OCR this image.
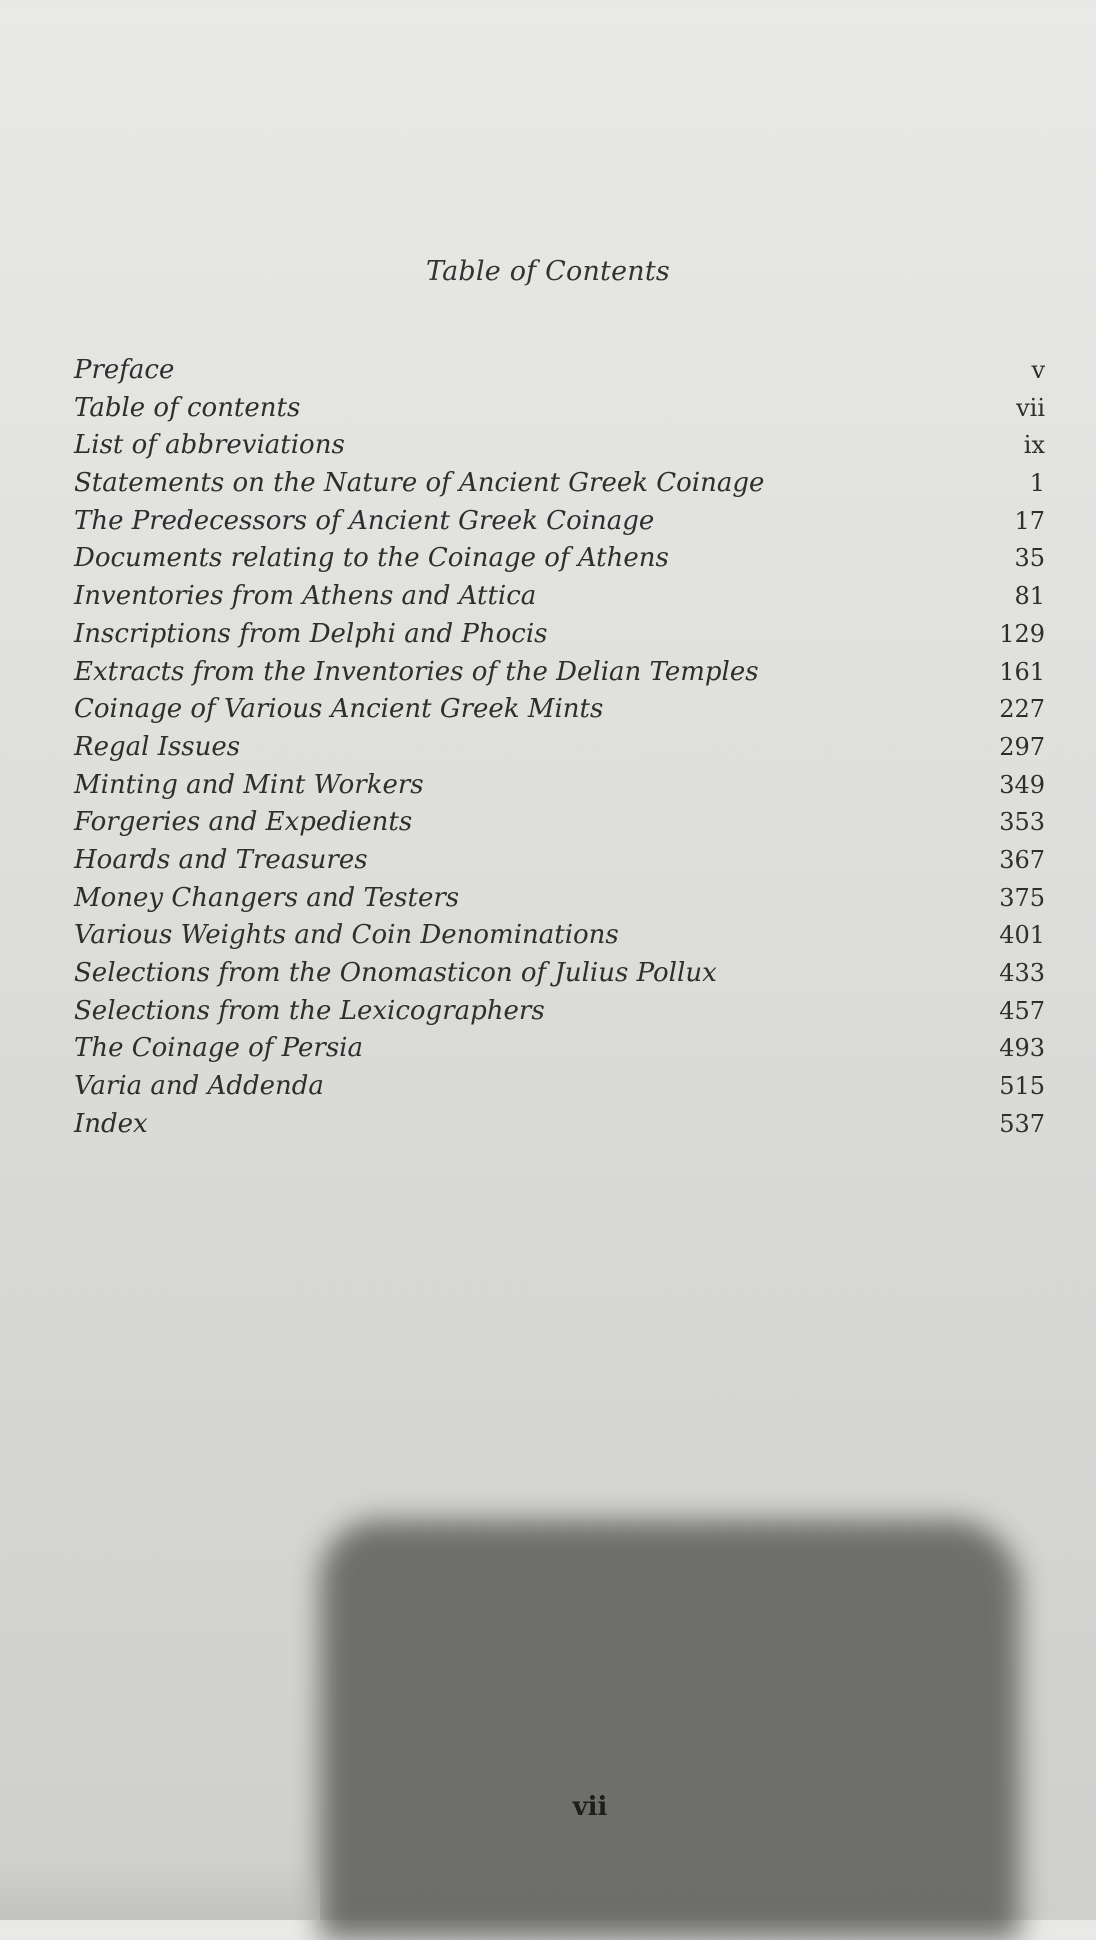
Table of Contents
Preface	v
Table of contents	vii
List of abbreviations	ix
Statements on the Nature of Ancient Greek Coinage	1
The Predecessors of Ancient Greek Coinage	17
Documents relating to the Coinage of Athens	35
Inventories from Athens and Attica	81
Inscriptions from Delphi and Phocis	129
Extracts from the Inventories of the Delian Temples	161
Coinage of Various Ancient Greek Mints	227
Regal Issues	297
Minting and Mint Workers	349
Forgeries and Expedients	353
Hoards and Treasures	367
Money Changers and Testers	375
Various Weights and Coin Denominations	401
Selections from the Onomasticon of Julius Pollux	433
Selections from the Lexicographers	457
The Coinage of Persia	493
Varia and Addenda	515
Index	537
vii
